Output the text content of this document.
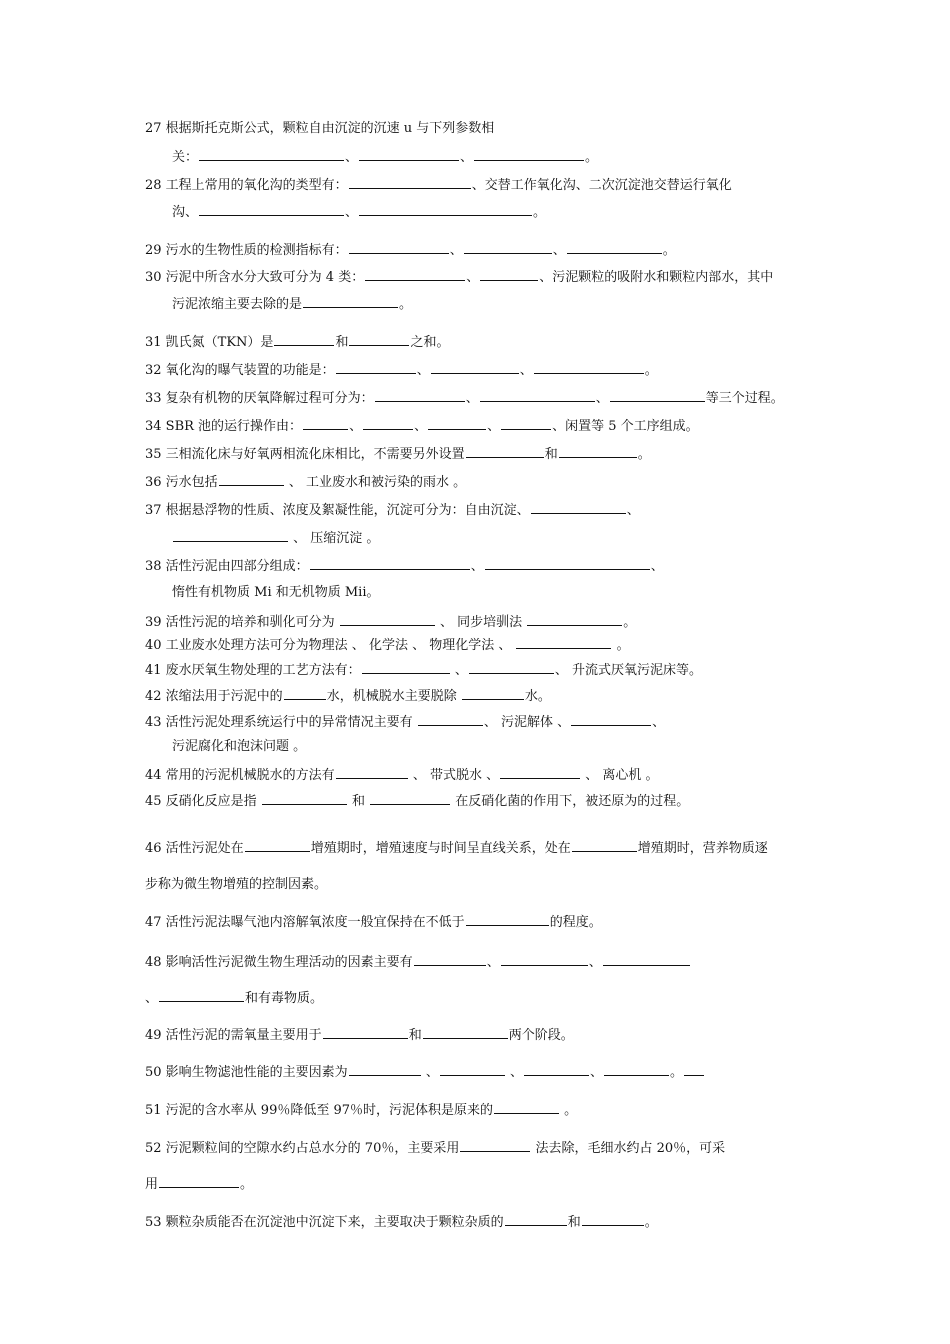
27 根据斯托克斯公式，颗粒自由沉淀的沉速 u 与下列参数相
关：	、	、	。
28 工程上常用的氧化沟的类型有：	、交替工作氧化沟、二次沉淀池交替运行氧化
沟、	、	。
29 污水的生物性质的检测指标有：	、	、	。
30 污泥中所含水分大致可分为 4 类：	、	、污泥颗粒的吸附水和颗粒内部水，其中
污泥浓缩主要去除的是	。
31 凯氏氮（TKN）是	和	之和。
32 氧化沟的曝气装置的功能是：	、	、	。
33 复杂有机物的厌氧降解过程可分为：	、	、	等三个过程。
34 SBR 池的运行操作由：	、	、	、	、闲置等 5 个工序组成。
35 三相流化床与好氧两相流化床相比，不需要另外设置	和	。
36 污水包括	、 工业废水和被污染的雨水 。
37 根据悬浮物的性质、浓度及絮凝性能，沉淀可分为：自由沉淀、	、
、 压缩沉淀 。
38 活性污泥由四部分组成：	、	、
惰性有机物质 Mi 和无机物质 Mii。
39 活性污泥的培养和驯化可分为	、 同步培驯法	。
40 工业废水处理方法可分为物理法 、 化学法 、 物理化学法 、	。
41 废水厌氧生物处理的工艺方法有：	、	、 升流式厌氧污泥床等。
42 浓缩法用于污泥中的	水，机械脱水主要脱除	水。
43 活性污泥处理系统运行中的异常情况主要有	、 污泥解体 、	、
污泥腐化和泡沫问题 。
44 常用的污泥机械脱水的方法有	、 带式脱水 、	、 离心机 。
45 反硝化反应是指	和	在反硝化菌的作用下，被还原为的过程。
46 活性污泥处在	增殖期时，增殖速度与时间呈直线关系，处在	增殖期时，营养物质逐
步称为微生物增殖的控制因素。
47 活性污泥法曝气池内溶解氧浓度一般宜保持在不低于	的程度。
48 影响活性污泥微生物生理活动的因素主要有	、	、
、	和有毒物质。
49 活性污泥的需氧量主要用于	和	两个阶段。
50 影响生物滤池性能的主要因素为	、	、	、	。
51 污泥的含水率从 99％降低至 97％时，污泥体积是原来的	。
52 污泥颗粒间的空隙水约占总水分的 70％，主要采用	法去除，毛细水约占 20％，可采
用	。
53 颗粒杂质能否在沉淀池中沉淀下来，主要取决于颗粒杂质的	和	。
